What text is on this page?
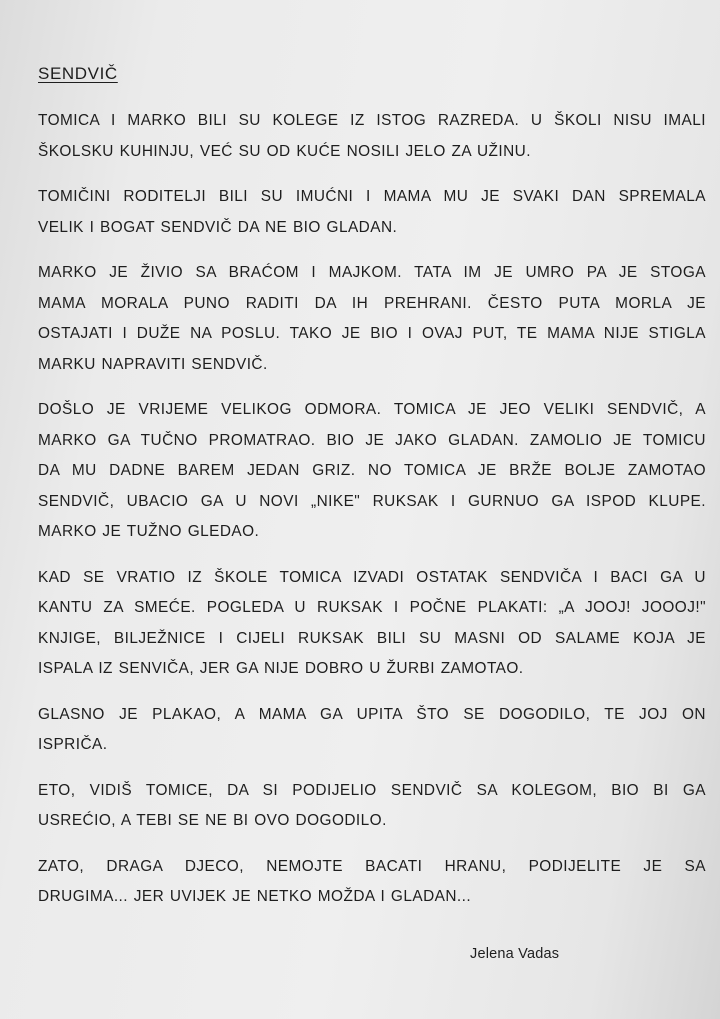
SENDVIČ
TOMICA I MARKO BILI SU KOLEGE IZ ISTOG RAZREDA. U ŠKOLI NISU IMALI
ŠKOLSKU KUHINJU, VEĆ SU OD KUĆE NOSILI JELO ZA UŽINU.
TOMIČINI RODITELJI BILI SU IMUĆNI I MAMA MU JE SVAKI DAN SPREMALA
VELIK I BOGAT SENDVIČ DA NE BIO GLADAN.
MARKO JE ŽIVIO SA BRAĆOM I MAJKOM. TATA IM JE UMRO PA JE STOGA
MAMA MORALA PUNO RADITI DA IH PREHRANI. ČESTO PUTA MORLA JE
OSTAJATI I DUŽE NA POSLU. TAKO JE BIO I OVAJ PUT, TE MAMA NIJE STIGLA
MARKU NAPRAVITI SENDVIČ.
DOŠLO JE VRIJEME VELIKOG ODMORA. TOMICA JE JEO VELIKI SENDVIČ, A
MARKO GA TUČNO PROMATRAO. BIO JE JAKO GLADAN. ZAMOLIO JE TOMICU
DA MU DADNE BAREM JEDAN GRIZ. NO TOMICA JE BRŽE BOLJE ZAMOTAO
SENDVIČ, UBACIO GA U NOVI „NIKE" RUKSAK I GURNUO GA ISPOD KLUPE.
MARKO JE TUŽNO GLEDAO.
KAD SE VRATIO IZ ŠKOLE TOMICA IZVADI OSTATAK SENDVIČA I BACI GA U
KANTU ZA SMEĆE. POGLEDA U RUKSAK I POČNE PLAKATI: „A JOOJ! JOOOJ!"
KNJIGE, BILJEŽNICE I CIJELI RUKSAK BILI SU MASNI OD SALAME KOJA JE
ISPALA IZ SENVIČA, JER GA NIJE DOBRO U ŽURBI ZAMOTAO.
GLASNO JE PLAKAO, A MAMA GA UPITA ŠTO SE DOGODILO, TE JOJ ON
ISPRIČA.
ETO, VIDIŠ TOMICE, DA SI PODIJELIO SENDVIČ SA KOLEGOM, BIO BI GA
USREĆIO, A TEBI SE NE BI OVO DOGODILO.
ZATO, DRAGA DJECO, NEMOJTE BACATI HRANU, PODIJELITE JE SA
DRUGIMA... JER UVIJEK JE NETKO MOŽDA I GLADAN...
Jelena Vadas
